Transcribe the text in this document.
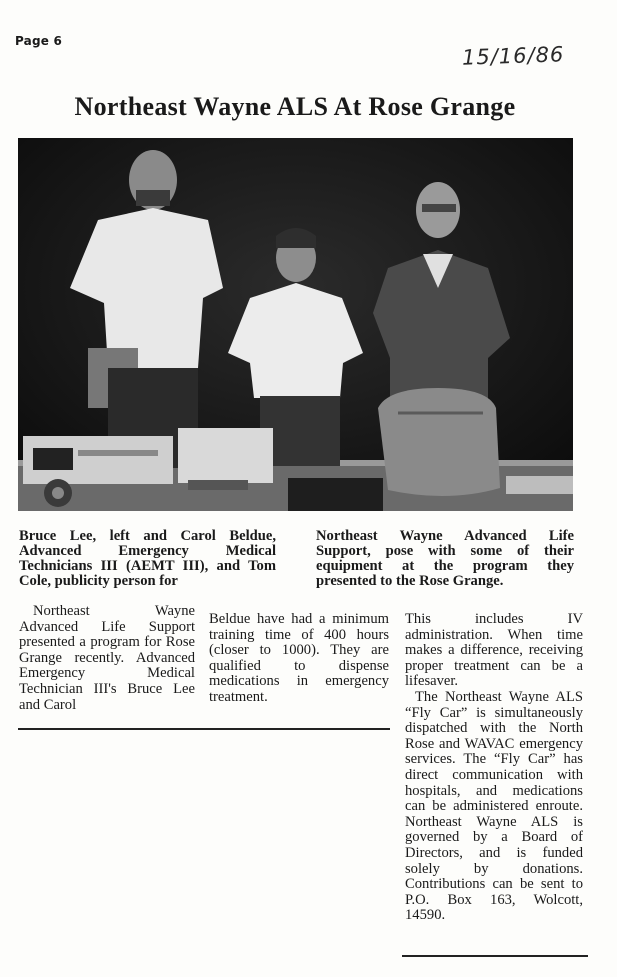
Page 6
15/16/86
Northeast Wayne ALS At Rose Grange
Bruce Lee, left and Carol Beldue, Advanced Emergency Medical Technicians III (AEMT III), and Tom Cole, publicity person for
Northeast Wayne Advanced Life Support, pose with some of their equipment at the program they presented to the Rose Grange.

Northeast Wayne Advanced Life Support presented a program for Rose Grange recently. Advanced Emergency Medical Technician III's Bruce Lee and Carol

Beldue have had a minimum training time of 400 hours (closer to 1000). They are qualified to dispense medications in emergency treatment.

This includes IV administration. When time makes a difference, receiving proper treatment can be a lifesaver.

The Northeast Wayne ALS “Fly Car” is simultaneously dispatched with the North Rose and WAVAC emergency services. The “Fly Car” has direct communication with hospitals, and medications can be administered enroute. Northeast Wayne ALS is governed by a Board of Directors, and is funded solely by donations. Contributions can be sent to P.O. Box 163, Wolcott, 14590.
